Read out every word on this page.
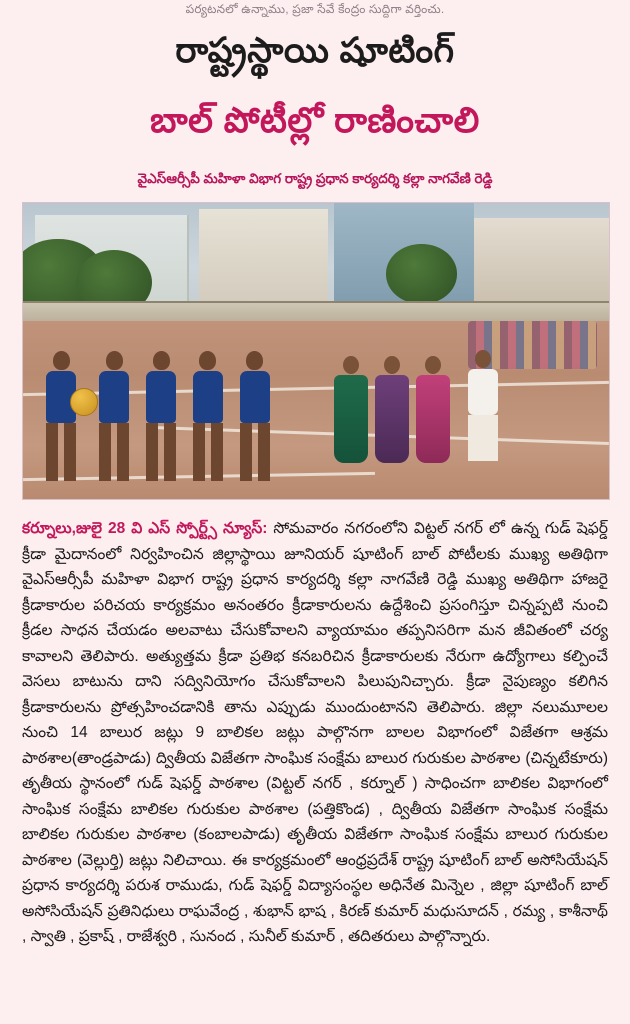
పర్యటనలో ఉన్నాము, ప్రజా సేవే కేంద్రం సుద్దిగా వర్తించు.
రాష్ట్రస్థాయి షూటింగ్
బాల్ పోటీల్లో రాణించాలి
వైఎస్ఆర్సీపీ మహిళా విభాగ రాష్ట్ర ప్రధాన కార్యదర్శి కల్లా నాగవేణి రెడ్డి

కర్నూలు,జులై 28 వి ఎస్ స్పోర్ట్స్ న్యూస్: సోమవారం నగరంలోని విట్టల్ నగర్ లో ఉన్న గుడ్ షెఫర్డ్ క్రీడా మైదానంలో నిర్వహించిన జిల్లాస్థాయి జూనియర్ షూటింగ్ బాల్ పోటీలకు ముఖ్య అతిథిగా వైఎస్ఆర్సీపీ మహిళా విభాగ రాష్ట్ర ప్రధాన కార్యదర్శి కల్లా నాగవేణి రెడ్డి ముఖ్య అతిథిగా హాజరై క్రీడాకారుల పరిచయ కార్యక్రమం అనంతరం క్రీడాకారులను ఉద్దేశించి ప్రసంగిస్తూ చిన్నప్పటి నుంచి క్రీడల సాధన చేయడం అలవాటు చేసుకోవాలని వ్యాయామం తప్పనిసరిగా మన జీవితంలో చర్య కావాలని తెలిపారు. అత్యుత్తమ క్రీడా ప్రతిభ కనబరిచిన క్రీడాకారులకు నేరుగా ఉద్యోగాలు కల్పించే వెసలు బాటును దాని సద్వినియోగం చేసుకోవాలని పిలుపునిచ్చారు. క్రీడా నైపుణ్యం కలిగిన క్రీడాకారులను ప్రోత్సహించడానికి తాను ఎప్పుడు ముందుంటానని తెలిపారు. జిల్లా నలుమూలల నుంచి 14 బాలుర జట్లు 9 బాలికల జట్లు పాల్గొనగా బాలల విభాగంలో విజేతగా ఆశ్రమ పాఠశాల(తాండ్రపాడు) ద్వితీయ విజేతగా సాంఘిక సంక్షేమ బాలుర గురుకుల పాఠశాల (చిన్నటేకూరు) తృతీయ స్థానంలో గుడ్ షెఫర్డ్ పాఠశాల (విట్టల్ నగర్ , కర్నూల్ ) సాధించగా బాలికల విభాగంలో సాంఘిక సంక్షేమ బాలికల గురుకుల పాఠశాల (పత్తికొండ) , ద్వితీయ విజేతగా సాంఘిక సంక్షేమ బాలికల గురుకుల పాఠశాల (కంబాలపాడు) తృతీయ విజేతగా సాంఘిక సంక్షేమ బాలుర గురుకుల పాఠశాల (వెల్లుర్తి) జట్లు నిలిచాయి. ఈ కార్యక్రమంలో ఆంధ్రప్రదేశ్ రాష్ట్ర షూటింగ్ బాల్ అసోసియేషన్ ప్రధాన కార్యదర్శి పరుశ రాముడు, గుడ్ షెఫర్డ్ విద్యాసంస్థల అధినేత మిన్నెల , జిల్లా షూటింగ్ బాల్ అసోసియేషన్ ప్రతినిధులు రాఘవేంద్ర , శుభాన్ భాష , కిరణ్ కుమార్ మధుసూదన్ , రమ్య , కాశీనాథ్ , స్వాతి , ప్రకాష్ , రాజేశ్వరి , సునంద , సునీల్ కుమార్ , తదితరులు పాల్గొన్నారు.
